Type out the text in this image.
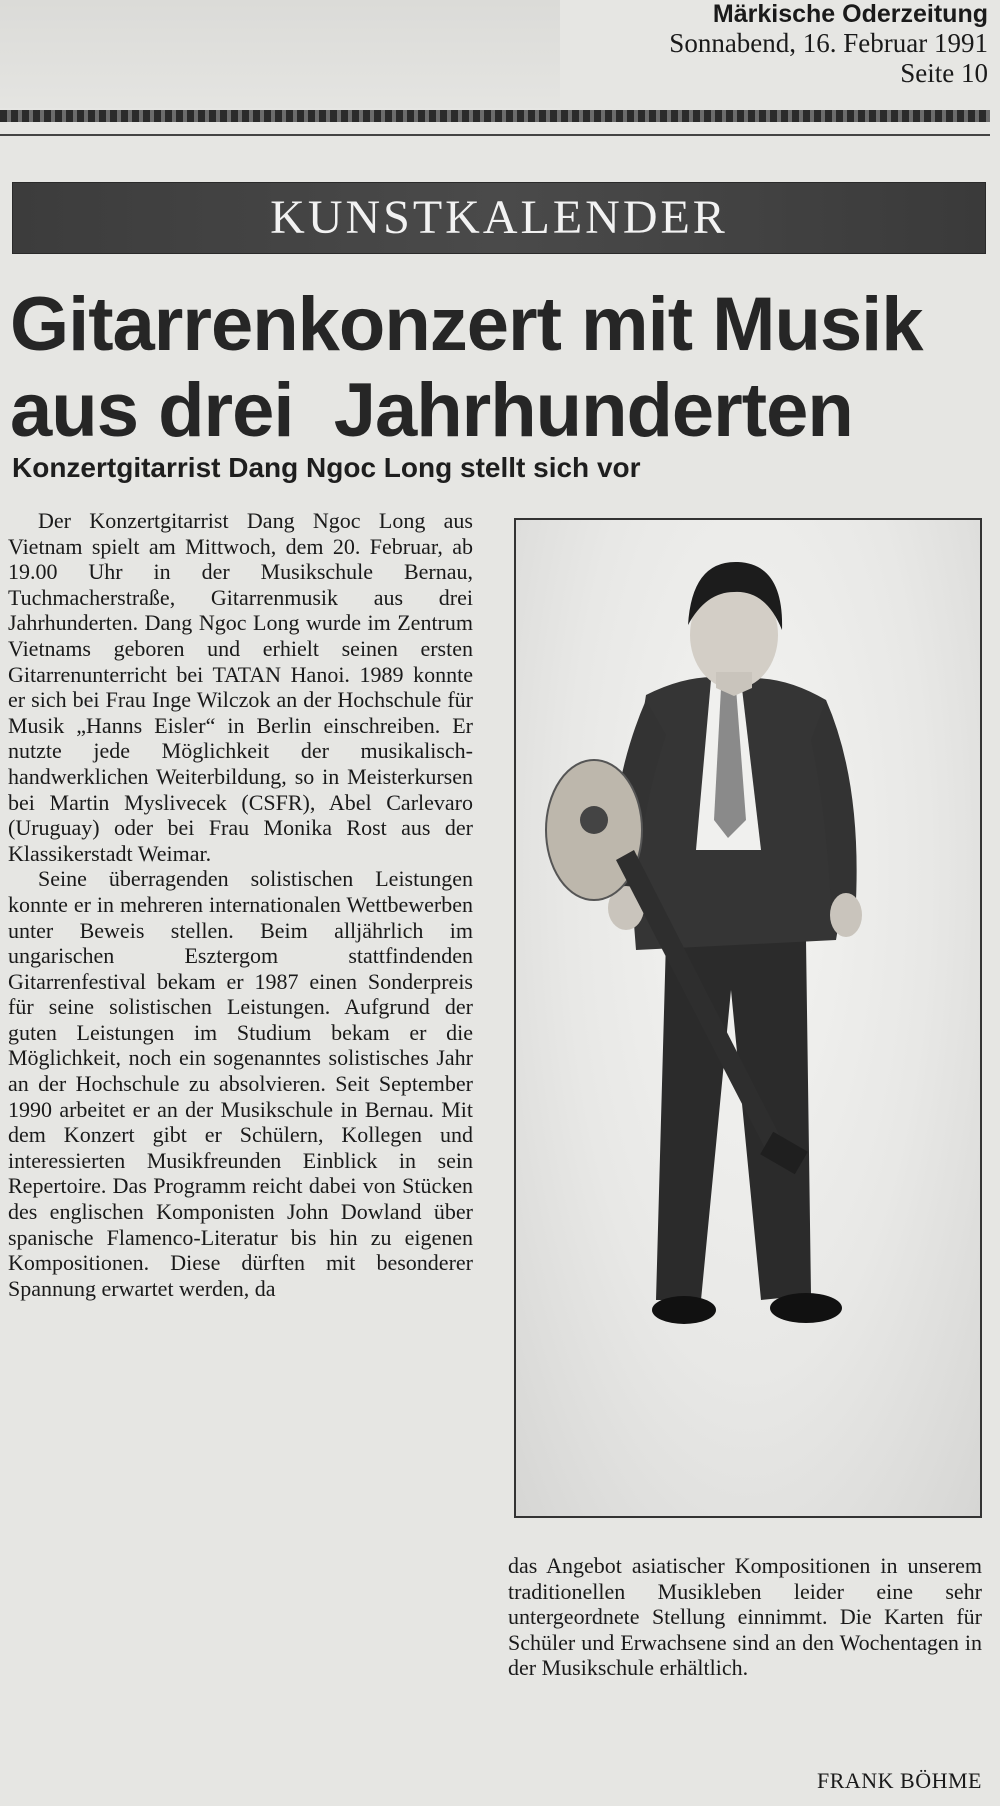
Märkische Oderzeitung
Sonnabend, 16. Februar 1991
Seite 10
KUNSTKALENDER
Gitarrenkonzert mit Musik
aus drei  Jahrhunderten
Konzertgitarrist Dang Ngoc Long stellt sich vor

Der Konzertgitarrist Dang Ngoc Long aus Vietnam spielt am Mittwoch, dem 20. Februar, ab 19.00 Uhr in der Musikschule Bernau, Tuchmacherstraße, Gitarrenmusik aus drei Jahrhunderten. Dang Ngoc Long wurde im Zentrum Vietnams geboren und erhielt seinen ersten Gitarrenunterricht bei TATAN Hanoi. 1989 konnte er sich bei Frau Inge Wilczok an der Hochschule für Musik „Hanns Eisler“ in Berlin einschreiben. Er nutzte jede Möglichkeit der musikalisch-handwerklichen Weiterbildung, so in Meisterkursen bei Martin Myslivecek (CSFR), Abel Carlevaro (Uruguay) oder bei Frau Monika Rost aus der Klassikerstadt Weimar.

Seine überragenden solistischen Leistungen konnte er in mehreren internationalen Wettbewerben unter Beweis stellen. Beim alljährlich im ungarischen Esztergom stattfindenden Gitarrenfestival bekam er 1987 einen Sonderpreis für seine solistischen Leistungen. Aufgrund der guten Leistungen im Studium bekam er die Möglichkeit, noch ein sogenanntes solistisches Jahr an der Hochschule zu absolvieren. Seit September 1990 arbeitet er an der Musikschule in Bernau. Mit dem Konzert gibt er Schülern, Kollegen und interessierten Musikfreunden Einblick in sein Repertoire. Das Programm reicht dabei von Stücken des englischen Komponisten John Dowland über spanische Flamenco-Literatur bis hin zu eigenen Kompositionen. Diese dürften mit besonderer Spannung erwartet werden, da

das Angebot asiatischer Kompositionen in unserem traditionellen Musikleben leider eine sehr untergeordnete Stellung einnimmt. Die Karten für Schüler und Erwachsene sind an den Wochentagen in der Musikschule erhältlich.

FRANK BÖHME
